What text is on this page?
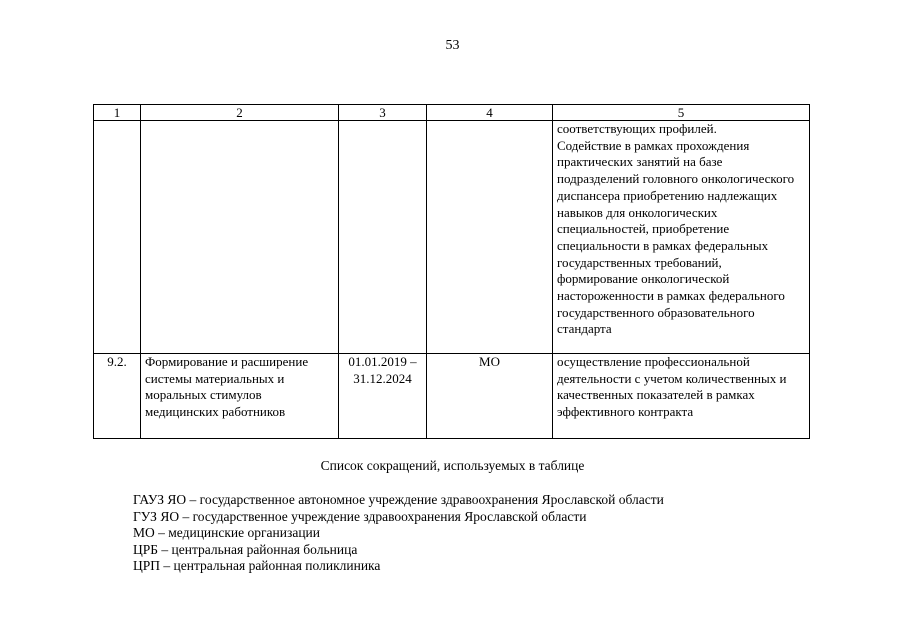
53
1	2	3	4	5
				соответствующих профилей.
Содействие в рамках прохождения практических занятий на базе подразделений головного онкологического диспансера приобретению надлежащих навыков для онкологических специальностей, приобретение специальности в рамках федеральных государственных требований, формирование онкологической настороженности в рамках федерального государственного образовательного стандарта
9.2.	Формирование и расширение системы материальных и моральных стимулов медицинских работников	01.01.2019 – 31.12.2024	МО	осуществление профессиональной деятельности с учетом количественных и качественных показателей в рамках эффективного контракта
Список сокращений, используемых в таблице
ГАУЗ ЯО – государственное автономное учреждение здравоохранения Ярославской области
ГУЗ ЯО – государственное учреждение здравоохранения Ярославской области
МО – медицинские организации
ЦРБ – центральная районная больница
ЦРП – центральная районная поликлиника
